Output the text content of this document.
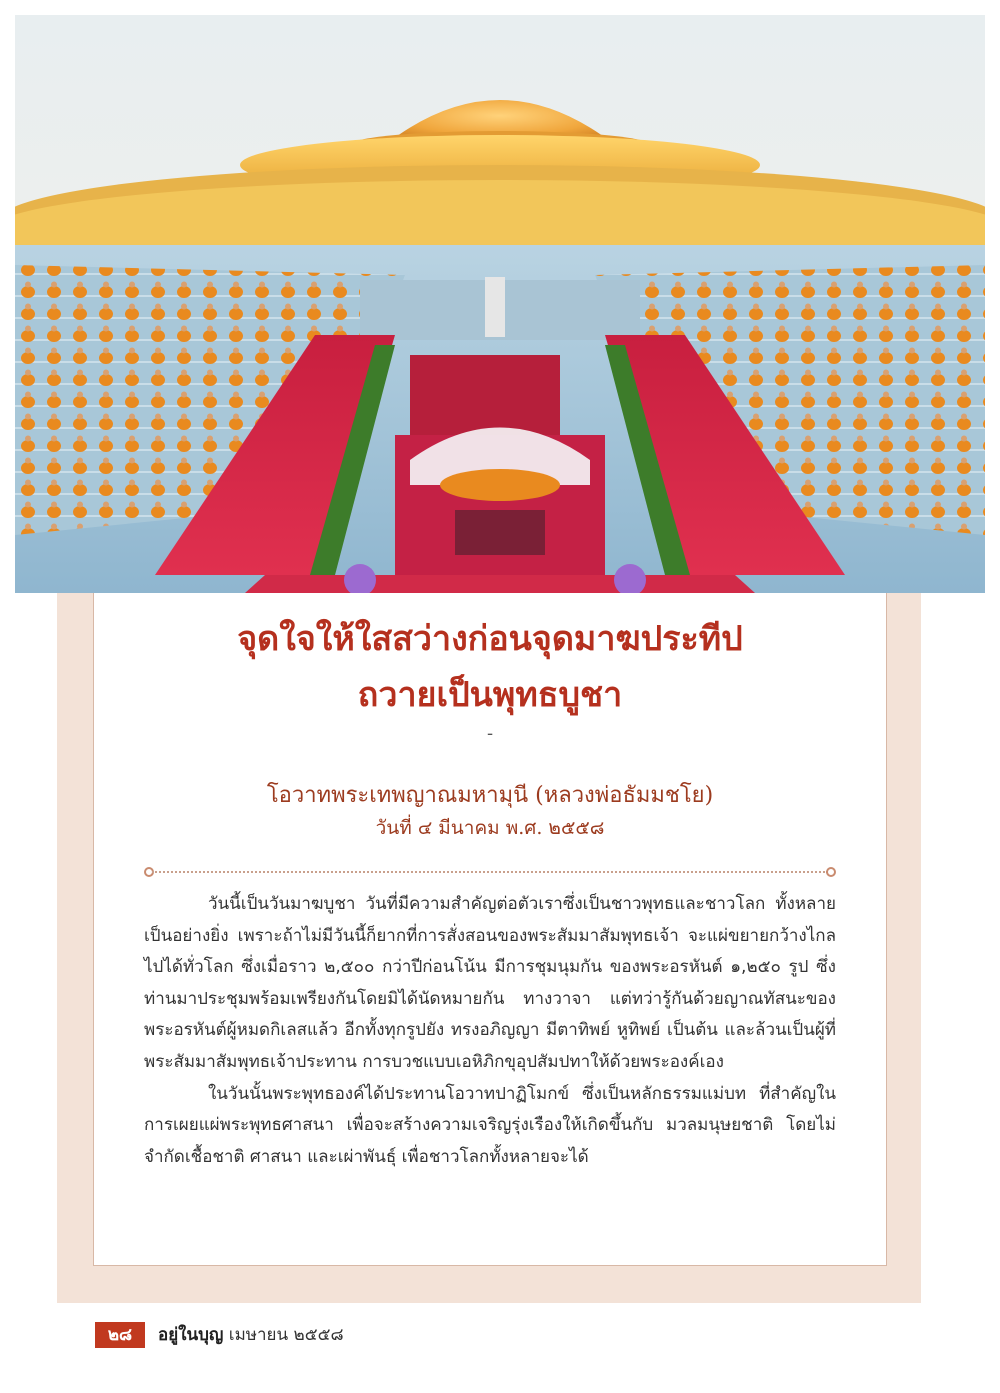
จุดใจให้ใสสว่างก่อนจุดมาฆประทีป
ถวายเป็นพุทธบูชา
-
โอวาทพระเทพญาณมหามุนี (หลวงพ่อธัมมชโย)
วันที่ ๔ มีนาคม พ.ศ. ๒๕๕๘

วันนี้เป็นวันมาฆบูชา วันที่มีความสำคัญต่อตัวเราซึ่งเป็นชาวพุทธและชาวโลก ทั้งหลายเป็นอย่างยิ่ง เพราะถ้าไม่มีวันนี้ก็ยากที่การสั่งสอนของพระสัมมาสัมพุทธเจ้า จะแผ่ขยายกว้างไกลไปได้ทั่วโลก ซึ่งเมื่อราว ๒,๕๐๐ กว่าปีก่อนโน้น มีการชุมนุมกัน ของพระอรหันต์ ๑,๒๕๐ รูป ซึ่งท่านมาประชุมพร้อมเพรียงกันโดยมิได้นัดหมายกัน ทางวาจา แต่ทว่ารู้กันด้วยญาณทัสนะของพระอรหันต์ผู้หมดกิเลสแล้ว อีกทั้งทุกรูปยัง ทรงอภิญญา มีตาทิพย์ หูทิพย์ เป็นต้น และล้วนเป็นผู้ที่พระสัมมาสัมพุทธเจ้าประทาน การบวชแบบเอหิภิกขุอุปสัมปทาให้ด้วยพระองค์เอง

ในวันนั้นพระพุทธองค์ได้ประทานโอวาทปาฏิโมกข์ ซึ่งเป็นหลักธรรมแม่บท ที่สำคัญในการเผยแผ่พระพุทธศาสนา เพื่อจะสร้างความเจริญรุ่งเรืองให้เกิดขึ้นกับ มวลมนุษยชาติ โดยไม่จำกัดเชื้อชาติ ศาสนา และเผ่าพันธุ์ เพื่อชาวโลกทั้งหลายจะได้

๒๘	อยู่ในบุญ เมษายน ๒๕๕๘
